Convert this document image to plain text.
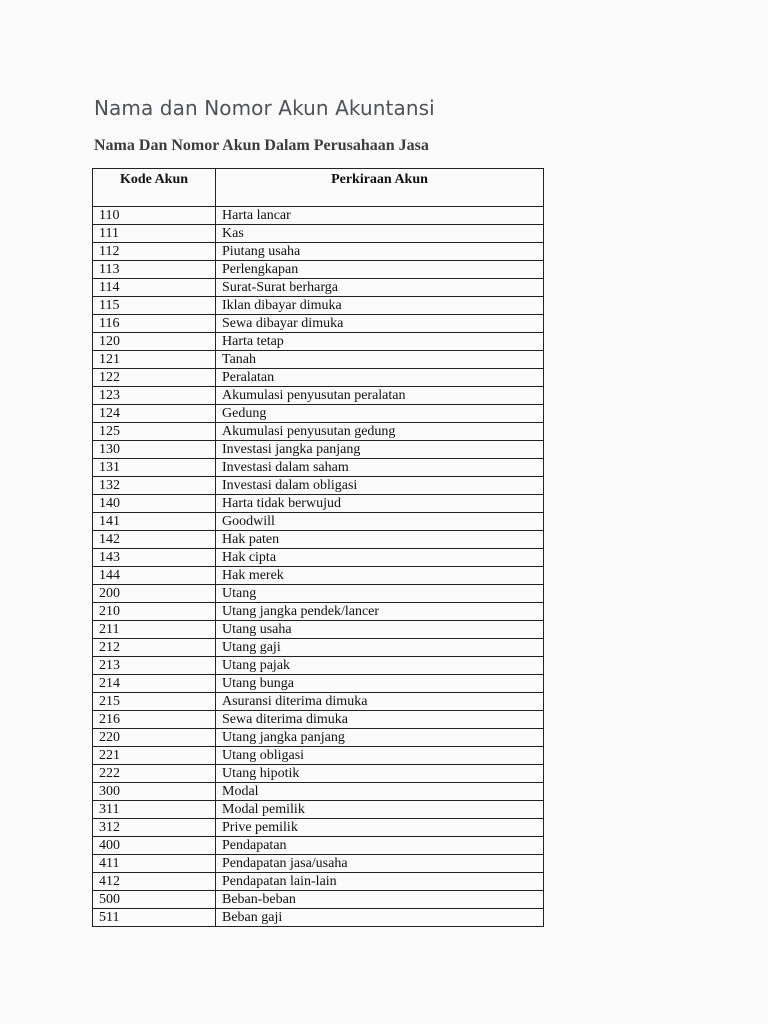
Nama dan Nomor Akun Akuntansi
Nama Dan Nomor Akun Dalam Perusahaan Jasa
Kode Akun	Perkiraan Akun
110	Harta lancar
111	Kas
112	Piutang usaha
113	Perlengkapan
114	Surat-Surat berharga
115	Iklan dibayar dimuka
116	Sewa dibayar dimuka
120	Harta tetap
121	Tanah
122	Peralatan
123	Akumulasi penyusutan peralatan
124	Gedung
125	Akumulasi penyusutan gedung
130	Investasi jangka panjang
131	Investasi dalam saham
132	Investasi dalam obligasi
140	Harta tidak berwujud
141	Goodwill
142	Hak paten
143	Hak cipta
144	Hak merek
200	Utang
210	Utang jangka pendek/lancer
211	Utang usaha
212	Utang gaji
213	Utang pajak
214	Utang bunga
215	Asuransi diterima dimuka
216	Sewa diterima dimuka
220	Utang jangka panjang
221	Utang obligasi
222	Utang hipotik
300	Modal
311	Modal pemilik
312	Prive pemilik
400	Pendapatan
411	Pendapatan jasa/usaha
412	Pendapatan lain-lain
500	Beban-beban
511	Beban gaji
